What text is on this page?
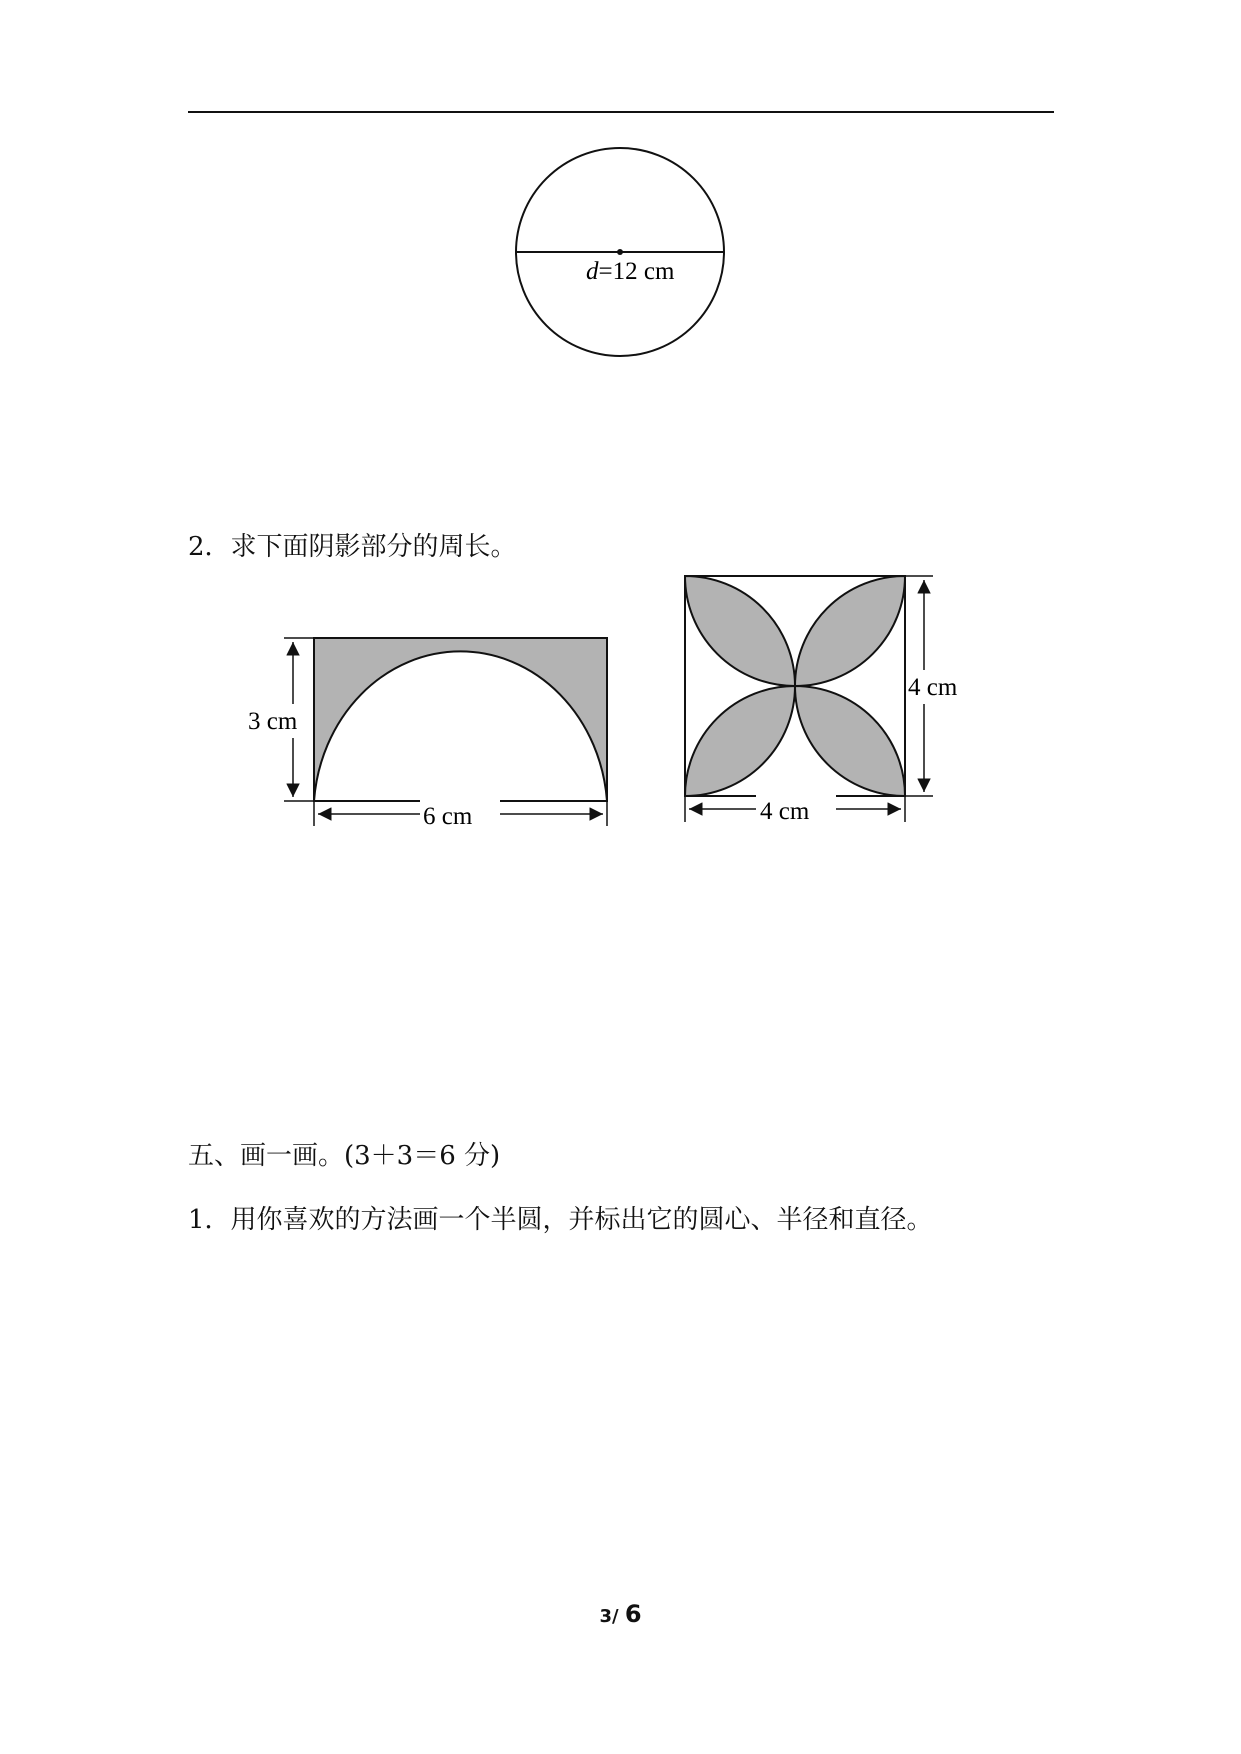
d=12 cm
2．求下面阴影部分的周长。
3 cm
6 cm
4 cm
4 cm
五、画一画。(3＋3＝6 分)
1．用你喜欢的方法画一个半圆，并标出它的圆心、半径和直径。
3/ 6
